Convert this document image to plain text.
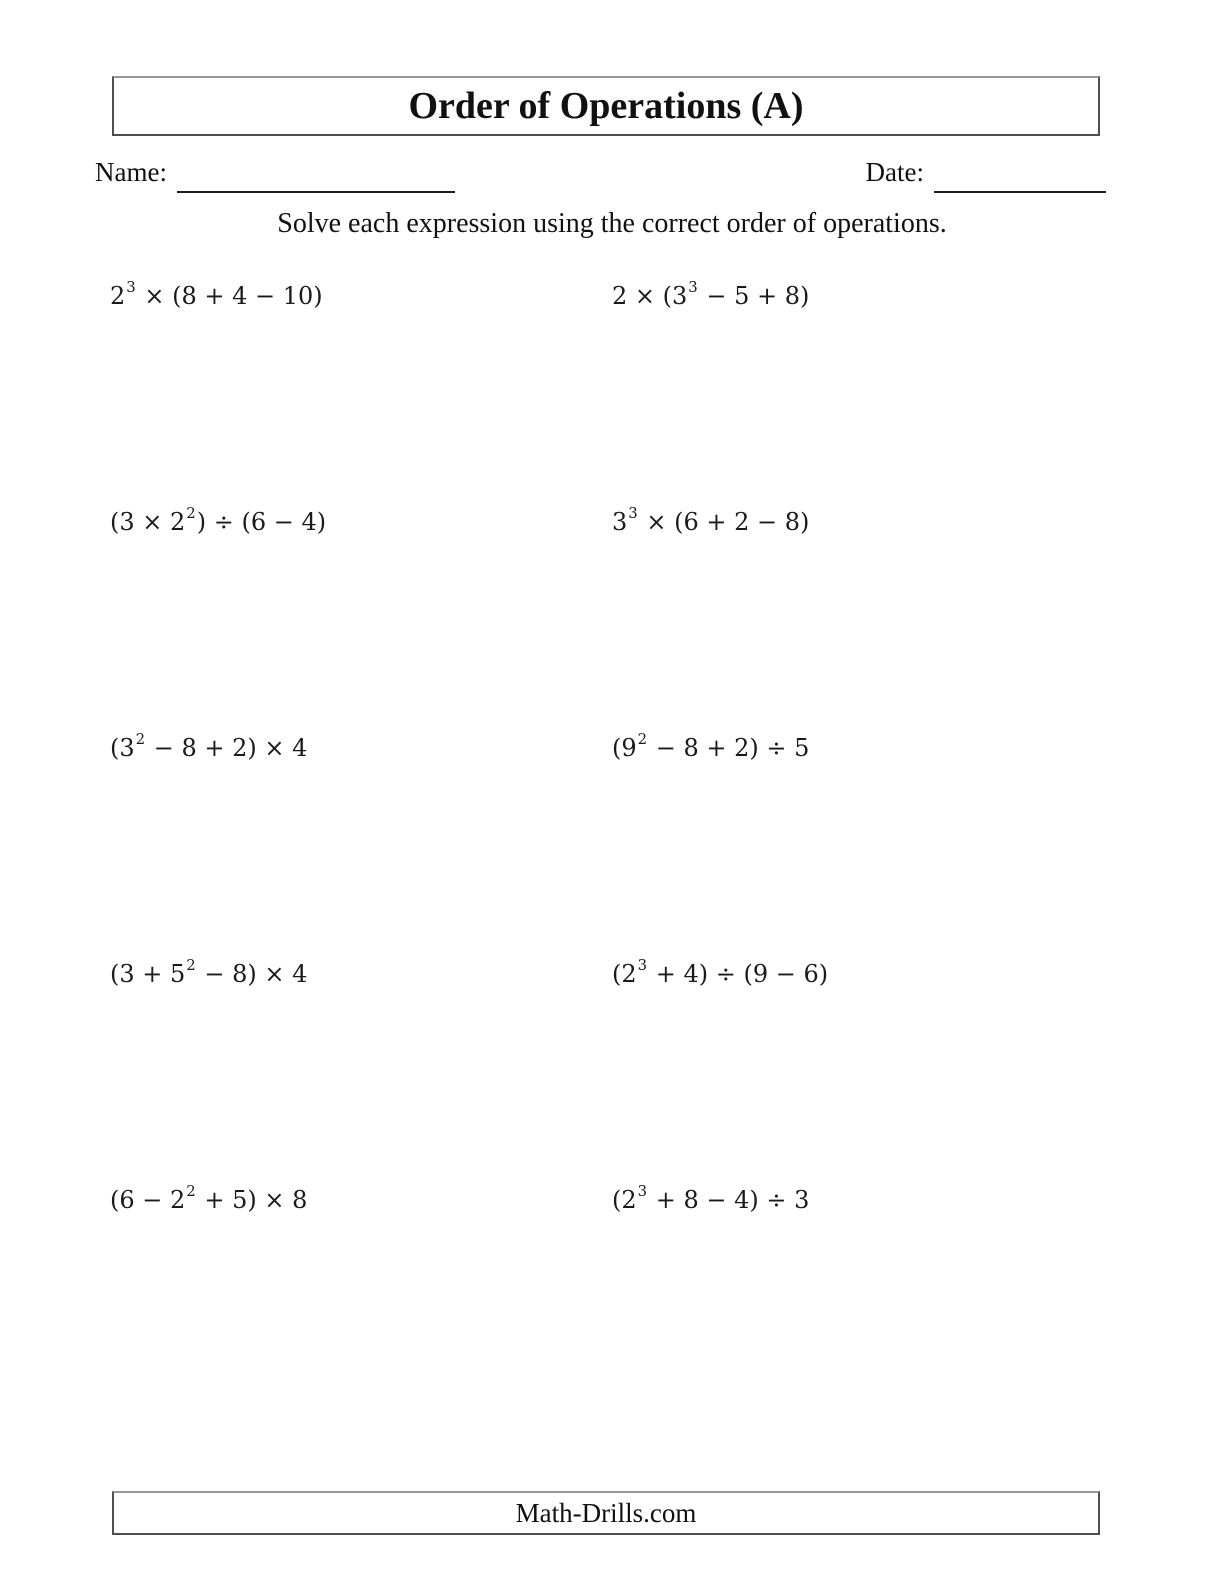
Order of Operations (A)
Name:	Date:
Solve each expression using the correct order of operations.
$2^3 \times (8 + 4 - 10)$	$2 \times (3^3 - 5 + 8)$
$(3 \times 2^2) \div (6 - 4)$	$3^3 \times (6 + 2 - 8)$
$(3^2 - 8 + 2) \times 4$	$(9^2 - 8 + 2) \div 5$
$(3 + 5^2 - 8) \times 4$	$(2^3 + 4) \div (9 - 6)$
$(6 - 2^2 + 5) \times 8$	$(2^3 + 8 - 4) \div 3$
Math-Drills.com
